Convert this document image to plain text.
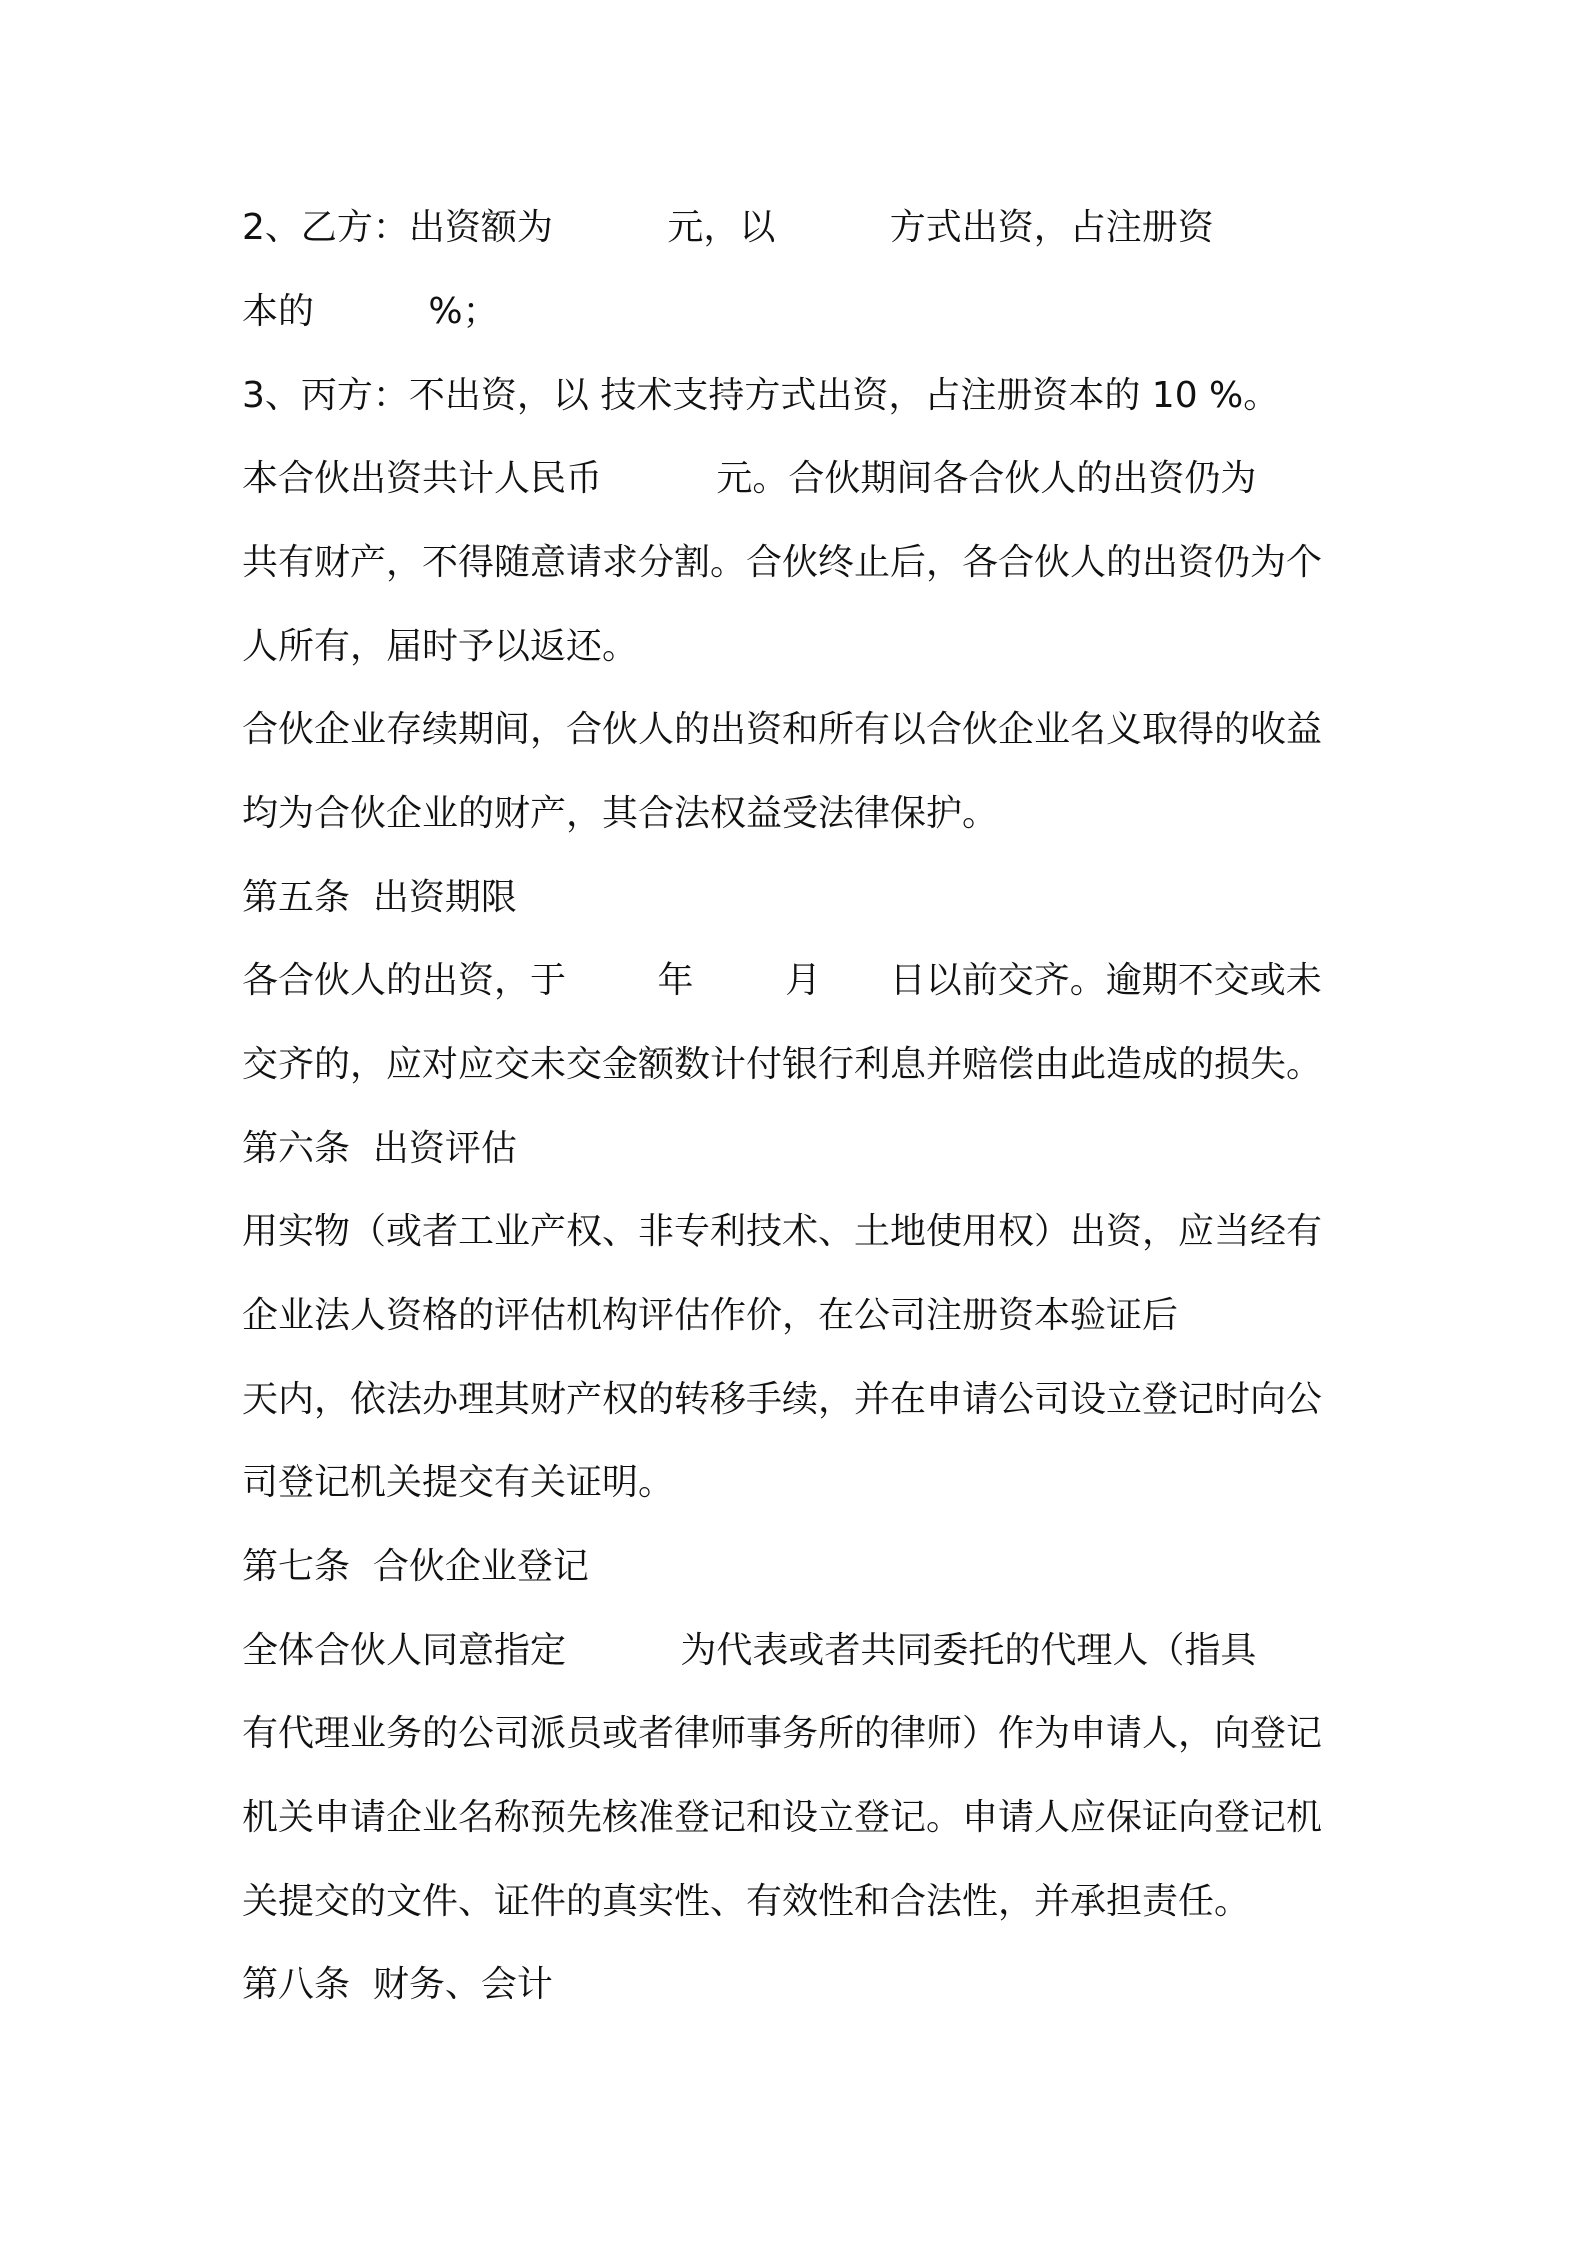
2、乙方：出资额为          元，以          方式出资，占注册资
本的          %；
3、丙方：不出资，以 技术支持方式出资，占注册资本的 10 %。
本合伙出资共计人民币          元。合伙期间各合伙人的出资仍为
共有财产，不得随意请求分割。合伙终止后，各合伙人的出资仍为个
人所有，届时予以返还。
合伙企业存续期间，合伙人的出资和所有以合伙企业名义取得的收益
均为合伙企业的财产，其合法权益受法律保护。
第五条  出资期限
各合伙人的出资，于        年        月      日以前交齐。逾期不交或未
交齐的，应对应交未交金额数计付银行利息并赔偿由此造成的损失。
第六条  出资评估
用实物（或者工业产权、非专利技术、土地使用权）出资，应当经有
企业法人资格的评估机构评估作价，在公司注册资本验证后
天内，依法办理其财产权的转移手续，并在申请公司设立登记时向公
司登记机关提交有关证明。
第七条  合伙企业登记
全体合伙人同意指定          为代表或者共同委托的代理人（指具
有代理业务的公司派员或者律师事务所的律师）作为申请人，向登记
机关申请企业名称预先核准登记和设立登记。申请人应保证向登记机
关提交的文件、证件的真实性、有效性和合法性，并承担责任。
第八条  财务、会计
